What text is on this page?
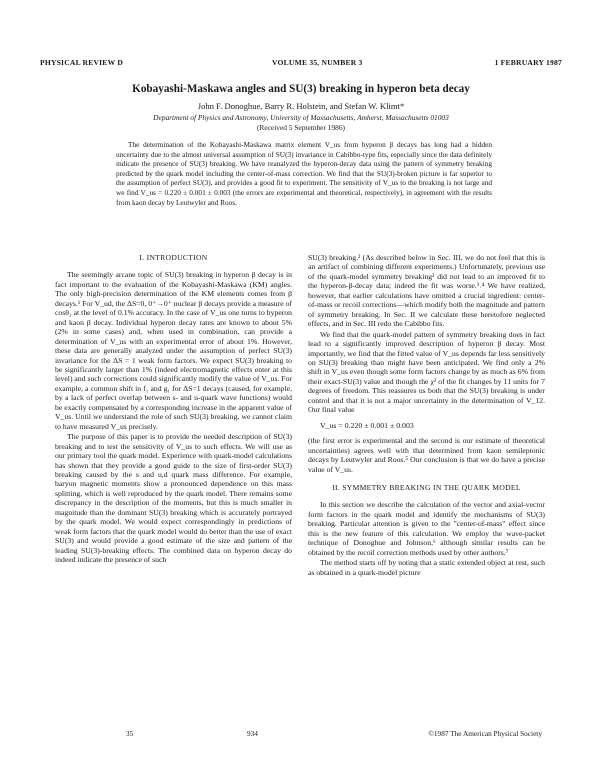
PHYSICAL REVIEW D	VOLUME 35, NUMBER 3	1 FEBRUARY 1987
Kobayashi-Maskawa angles and SU(3) breaking in hyperon beta decay
John F. Donoghue, Barry R. Holstein, and Stefan W. Klimt*
Department of Physics and Astronomy, University of Massachusetts, Amherst, Massachusetts 01003
(Received 5 September 1986)

The determination of the Kobayashi-Maskawa matrix element V_us from hyperon β decays has long had a hidden uncertainty due to the almost universal assumption of SU(3) invariance in Cabibbo-type fits, especially since the data definitely indicate the presence of SU(3) breaking. We have reanalyzed the hyperon-decay data using the pattern of symmetry breaking predicted by the quark model including the center-of-mass correction. We find that the SU(3)-broken picture is far superior to the assumption of perfect SU(3), and provides a good fit to experiment. The sensitivity of V_us to the breaking is not large and we find V_us = 0.220 ± 0.001 ± 0.003 (the errors are experimental and theoretical, respectively), in agreement with the results from kaon decay by Leutwyler and Roos.

I. INTRODUCTION

The seemingly arcane topic of SU(3) breaking in hyperon β decay is in fact important to the evaluation of the Kobayashi-Maskawa (KM) angles. The only high-precision determination of the KM elements comes from β decays.¹ For V_ud, the ΔS=0, 0⁺→0⁺ nuclear β decays provide a measure of cosθ₁ at the level of 0.1% accuracy. In the case of V_us one turns to hyperon and kaon β decay. Individual hyperon decay rates are known to about 5% (2% in some cases) and, when used in combination, can provide a determination of V_us with an experimental error of about 1%. However, these data are generally analyzed under the assumption of perfect SU(3) invariance for the ΔS = 1 weak form factors. We expect SU(3) breaking to be significantly larger than 1% (indeed electromagnetic effects enter at this level) and such corrections could significantly modify the value of V_us. For example, a common shift in f₁ and g₁ for ΔS=1 decays (caused, for example, by a lack of perfect overlap between s- and u-quark wave functions) would be exactly compensated by a corresponding increase in the apparent value of V_us. Until we understand the role of such SU(3) breaking, we cannot claim to have measured V_us precisely.

The purpose of this paper is to provide the needed description of SU(3) breaking and to test the sensitivity of V_us to such effects. We will use as our primary tool the quark model. Experience with quark-model calculations has shown that they provide a good guide to the size of first-order SU(3) breaking caused by the s and u,d quark mass difference. For example, baryon magnetic moments show a pronounced dependence on this mass splitting, which is well reproduced by the quark model. There remains some discrepancy in the description of the moments, but this is much smaller in magnitude than the dominant SU(3) breaking which is accurately portrayed by the quark model. We would expect correspondingly in predictions of weak form factors that the quark model would do better than the use of exact SU(3) and would provide a good estimate of the size and pattern of the leading SU(3)-breaking effects. The combined data on hyperon decay do indeed indicate the presence of such

SU(3) breaking.² (As described below in Sec. III, we do not feel that this is an artifact of combining different experiments.) Unfortunately, previous use of the quark-model symmetry breaking³ did not lead to an improved fit to the hyperon-β-decay data; indeed the fit was worse.³˒⁴ We have realized, however, that earlier calculations have omitted a crucial ingredient: center-of-mass or recoil corrections—which modify both the magnitude and pattern of symmetry breaking. In Sec. II we calculate these heretofore neglected effects, and in Sec. III redo the Cabibbo fits.

We find that the quark-model pattern of symmetry breaking does in fact lead to a significantly improved description of hyperon β decay. Most importantly, we find that the fitted value of V_us depends far less sensitively on SU(3) breaking than might have been anticipated. We find only a 2% shift in V_us even though some form factors change by as much as 6% from their exact-SU(3) value and though the χ² of the fit changes by 11 units for 7 degrees of freedom. This reassures us both that the SU(3) breaking is under control and that it is not a major uncertainty in the determination of V_12. Our final value

V_us = 0.220 ± 0.001 ± 0.003

(the first error is experimental and the second is our estimate of theoretical uncertainties) agrees well with that determined from kaon semileptonic decays by Leutwyler and Roos.⁵ Our conclusion is that we do have a precise value of V_us.

II. SYMMETRY BREAKING IN THE QUARK MODEL

In this section we describe the calculation of the vector and axial-vector form factors in the quark model and identify the mechanisms of SU(3) breaking. Particular attention is given to the "center-of-mass" effect since this is the new feature of this calculation. We employ the wave-packet technique of Donoghue and Johnson,⁶ although similar results can be obtained by the recoil correction methods used by other authors.⁷

The method starts off by noting that a static extended object at rest, such as obtained in a quark-model picture

35	934	©1987 The American Physical Society
